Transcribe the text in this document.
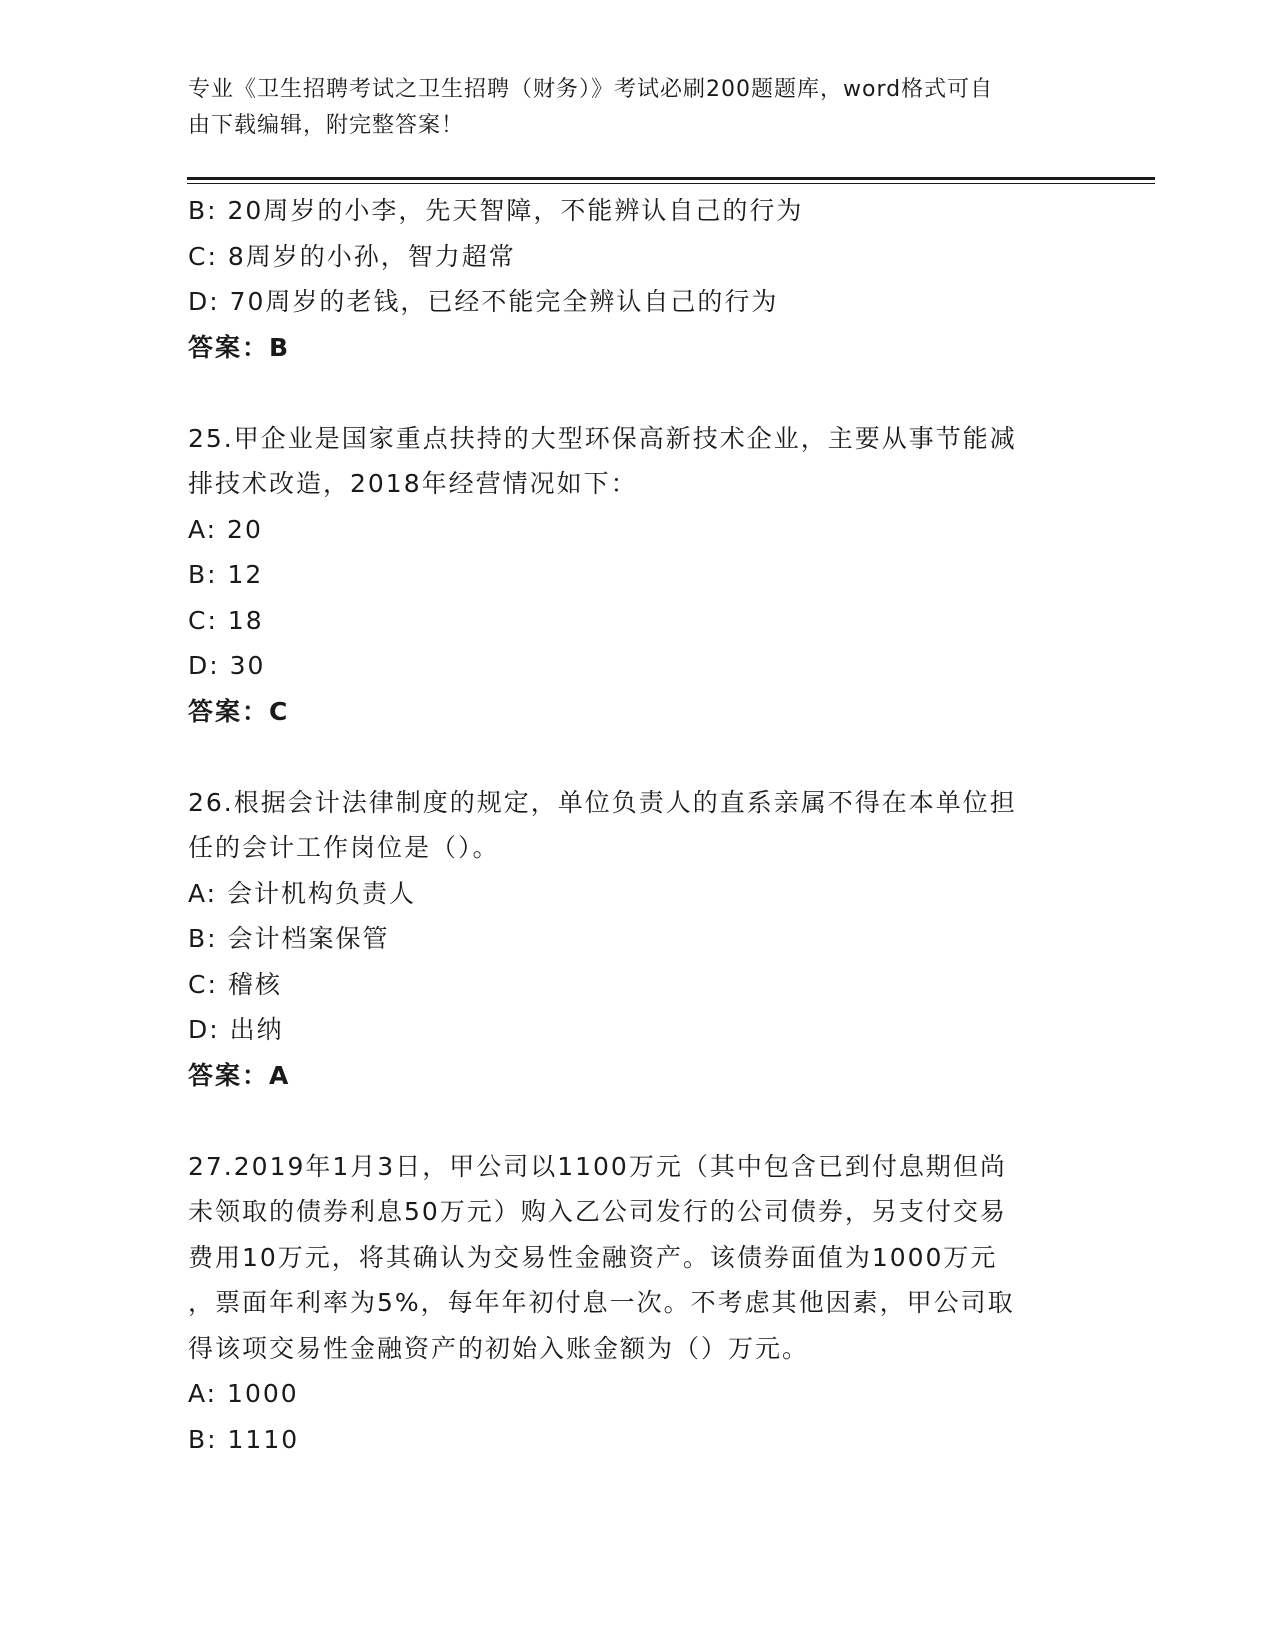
专业《卫生招聘考试之卫生招聘（财务）》考试必刷200题题库，word格式可自
由下载编辑，附完整答案！
B: 20周岁的小李，先天智障，不能辨认自己的行为
C: 8周岁的小孙，智力超常
D: 70周岁的老钱，已经不能完全辨认自己的行为
答案：B
25.甲企业是国家重点扶持的大型环保高新技术企业，主要从事节能减
排技术改造，2018年经营情况如下：
A: 20
B: 12
C: 18
D: 30
答案：C
26.根据会计法律制度的规定，单位负责人的直系亲属不得在本单位担
任的会计工作岗位是（）。
A: 会计机构负责人
B: 会计档案保管
C: 稽核
D: 出纳
答案：A
27.2019年1月3日，甲公司以1100万元（其中包含已到付息期但尚
未领取的债券利息50万元）购入乙公司发行的公司债券，另支付交易
费用10万元，将其确认为交易性金融资产。该债券面值为1000万元
，票面年利率为5%，每年年初付息一次。不考虑其他因素，甲公司取
得该项交易性金融资产的初始入账金额为（）万元。
A: 1000
B: 1110
